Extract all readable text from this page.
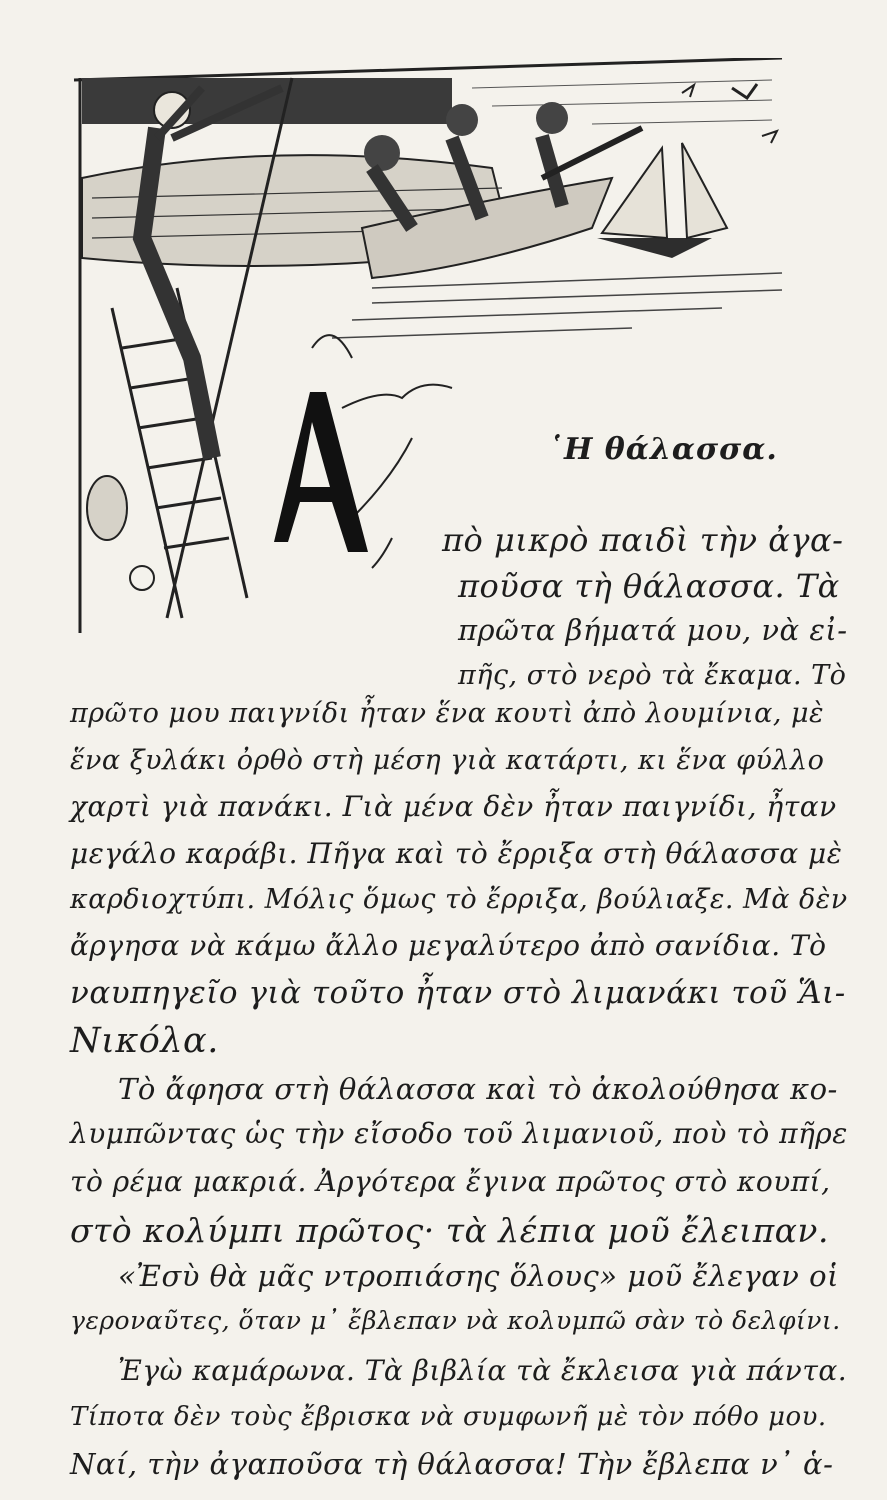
῾Η θάλασσα.
πὸ μικρὸ παιδὶ τὴν ἀγα-
ποῦσα τὴ θάλασσα. Τὰ
πρῶτα βήματά μου, νὰ εἰ-
πῆς, στὸ νερὸ τὰ ἔκαμα. Τὸ
πρῶτο μου παιγνίδι ἦταν ἕνα κουτὶ ἀπὸ λουμίνια, μὲ
ἕνα ξυλάκι ὀρθὸ στὴ μέση γιὰ κατάρτι, κι ἕνα φύλλο
χαρτὶ γιὰ πανάκι. Γιὰ μένα δὲν ἦταν παιγνίδι, ἦταν
μεγάλο καράβι. Πῆγα καὶ τὸ ἔρριξα στὴ θάλασσα μὲ
καρδιοχτύπι. Μόλις ὅμως τὸ ἔρριξα, βούλιαξε. Μὰ δὲν
ἄργησα νὰ κάμω ἄλλο μεγαλύτερο ἀπὸ σανίδια. Τὸ
ναυπηγεῖο γιὰ τοῦτο ἦταν στὸ λιμανάκι τοῦ Ἅι-
Νικόλα.
Τὸ ἄφησα στὴ θάλασσα καὶ τὸ ἀκολούθησα κο-
λυμπῶντας ὡς τὴν εἴσοδο τοῦ λιμανιοῦ, ποὺ τὸ πῆρε
τὸ ρέμα μακριά. Ἀργότερα ἔγινα πρῶτος στὸ κουπί,
στὸ κολύμπι πρῶτος· τὰ λέπια μοῦ ἔλειπαν.
«Ἐσὺ θὰ μᾶς ντροπιάσης ὅλους» μοῦ ἔλεγαν οἱ
γεροναῦτες, ὅταν μ᾿ ἔβλεπαν νὰ κολυμπῶ σὰν τὸ δελφίνι.
Ἐγὼ καμάρωνα. Τὰ βιβλία τὰ ἔκλεισα γιὰ πάντα.
Τίποτα δὲν τοὺς ἔβρισκα νὰ συμφωνῆ μὲ τὸν πόθο μου.
Ναί, τὴν ἀγαποῦσα τὴ θάλασσα! Τὴν ἔβλεπα ν᾿ ἁ-
